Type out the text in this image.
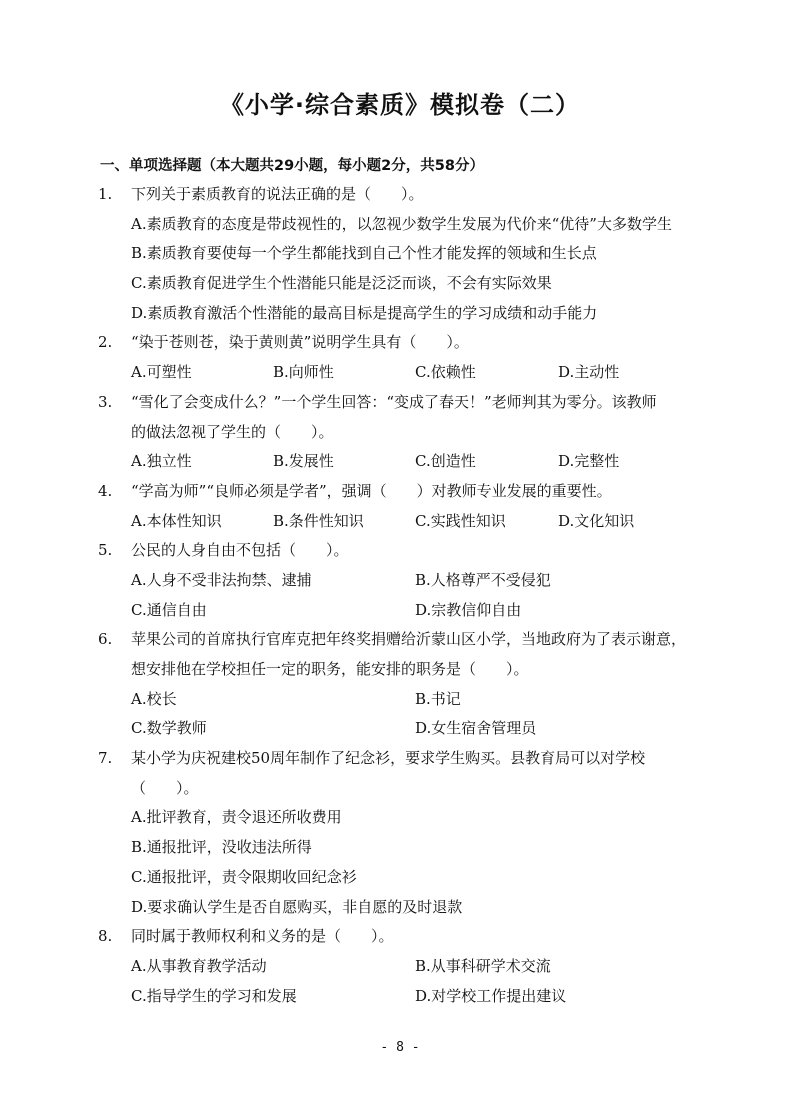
《小学·综合素质》模拟卷（二）
一、单项选择题（本大题共29小题，每小题2分，共58分）
1.	下列关于素质教育的说法正确的是（　　）。
A.素质教育的态度是带歧视性的，以忽视少数学生发展为代价来“优待”大多数学生
B.素质教育要使每一个学生都能找到自己个性才能发挥的领域和生长点
C.素质教育促进学生个性潜能只能是泛泛而谈，不会有实际效果
D.素质教育激活个性潜能的最高目标是提高学生的学习成绩和动手能力
2.	“染于苍则苍，染于黄则黄”说明学生具有（　　）。
A.可塑性	B.向师性	C.依赖性	D.主动性
3.	“雪化了会变成什么？”一个学生回答：“变成了春天！”老师判其为零分。该教师
的做法忽视了学生的（　　）。
A.独立性	B.发展性	C.创造性	D.完整性
4.	“学高为师”“良师必须是学者”，强调（　　）对教师专业发展的重要性。
A.本体性知识	B.条件性知识	C.实践性知识	D.文化知识
5.	公民的人身自由不包括（　　）。
A.人身不受非法拘禁、逮捕	B.人格尊严不受侵犯
C.通信自由	D.宗教信仰自由
6.	苹果公司的首席执行官库克把年终奖捐赠给沂蒙山区小学，当地政府为了表示谢意，
想安排他在学校担任一定的职务，能安排的职务是（　　）。
A.校长	B.书记
C.数学教师	D.女生宿舍管理员
7.	某小学为庆祝建校50周年制作了纪念衫，要求学生购买。县教育局可以对学校
（　　）。
A.批评教育，责令退还所收费用
B.通报批评，没收违法所得
C.通报批评，责令限期收回纪念衫
D.要求确认学生是否自愿购买，非自愿的及时退款
8.	同时属于教师权利和义务的是（　　）。
A.从事教育教学活动	B.从事科研学术交流
C.指导学生的学习和发展	D.对学校工作提出建议
- 8 -
